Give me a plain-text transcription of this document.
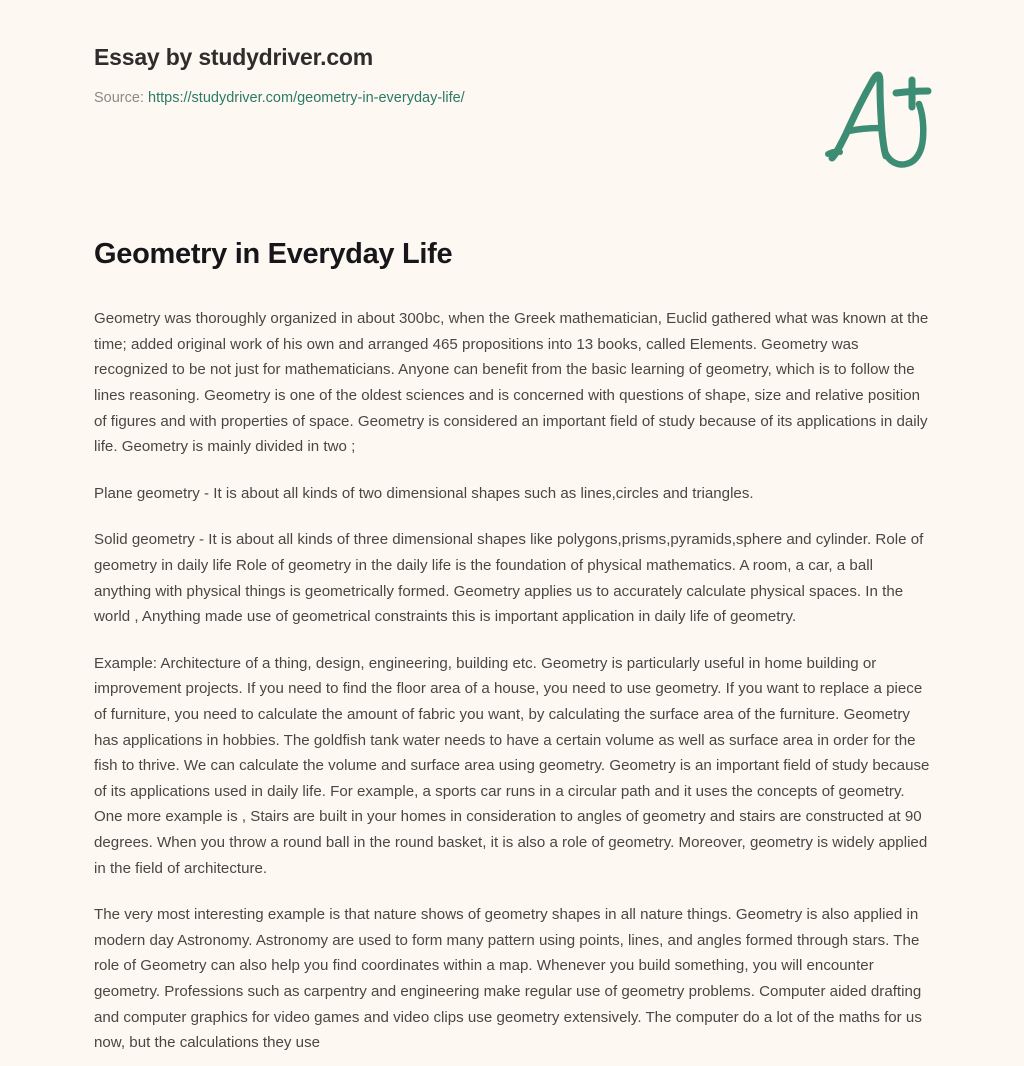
Essay by studydriver.com
Source: https://studydriver.com/geometry-in-everyday-life/
Geometry in Everyday Life

Geometry was thoroughly organized in about 300bc, when the Greek mathematician, Euclid gathered what was known at the time; added original work of his own and arranged 465 propositions into 13 books, called Elements. Geometry was recognized to be not just for mathematicians. Anyone can benefit from the basic learning of geometry, which is to follow the lines reasoning. Geometry is one of the oldest sciences and is concerned with questions of shape, size and relative position of figures and with properties of space. Geometry is considered an important field of study because of its applications in daily life. Geometry is mainly divided in two ;

Plane geometry - It is about all kinds of two dimensional shapes such as lines,circles and triangles.

Solid geometry - It is about all kinds of three dimensional shapes like polygons,prisms,pyramids,sphere and cylinder. Role of geometry in daily life Role of geometry in the daily life is the foundation of physical mathematics. A room, a car, a ball anything with physical things is geometrically formed. Geometry applies us to accurately calculate physical spaces. In the world , Anything made use of geometrical constraints this is important application in daily life of geometry.

Example: Architecture of a thing, design, engineering, building etc. Geometry is particularly useful in home building or improvement projects. If you need to find the floor area of a house, you need to use geometry. If you want to replace a piece of furniture, you need to calculate the amount of fabric you want, by calculating the surface area of the furniture. Geometry has applications in hobbies. The goldfish tank water needs to have a certain volume as well as surface area in order for the fish to thrive. We can calculate the volume and surface area using geometry. Geometry is an important field of study because of its applications used in daily life. For example, a sports car runs in a circular path and it uses the concepts of geometry. One more example is , Stairs are built in your homes in consideration to angles of geometry and stairs are constructed at 90 degrees. When you throw a round ball in the round basket, it is also a role of geometry. Moreover, geometry is widely applied in the field of architecture.

The very most interesting example is that nature shows of geometry shapes in all nature things. Geometry is also applied in modern day Astronomy. Astronomy are used to form many pattern using points, lines, and angles formed through stars. The role of Geometry can also help you find coordinates within a map. Whenever you build something, you will encounter geometry. Professions such as carpentry and engineering make regular use of geometry problems. Computer aided drafting and computer graphics for video games and video clips use geometry extensively. The computer do a lot of the maths for us now, but the calculations they use
